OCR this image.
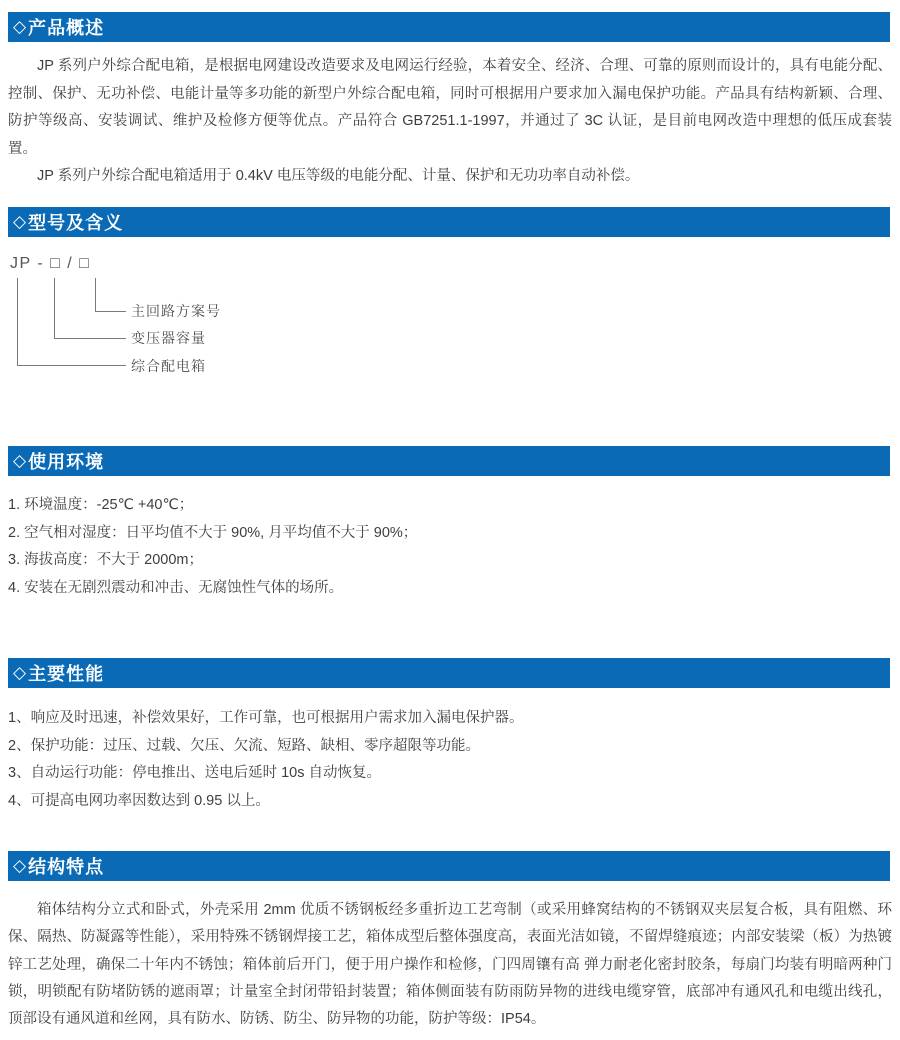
◇ 产品概述

JP 系列户外综合配电箱，是根据电网建设改造要求及电网运行经验，本着安全、经济、合理、可靠的原则而设计的，具有电能分配、控制、保护、无功补偿、电能计量等多功能的新型户外综合配电箱，同时可根据用户要求加入漏电保护功能。产品具有结构新颖、合理、防护等级高、安装调试、维护及检修方便等优点。产品符合 GB7251.1-1997，并通过了 3C 认证，是目前电网改造中理想的低压成套装置。

JP 系列户外综合配电箱适用于 0.4kV 电压等级的电能分配、计量、保护和无功功率自动补偿。

◇ 型号及含义
JP - □ / □
主回路方案号
变压器容量
综合配电箱
◇ 使用环境
1. 环境温度：-25℃ +40℃；
2. 空气相对湿度：日平均值不大于 90%, 月平均值不大于 90%；
3. 海拔高度：不大于 2000m；
4. 安装在无剧烈震动和冲击、无腐蚀性气体的场所。
◇ 主要性能
1、响应及时迅速，补偿效果好，工作可靠，也可根据用户需求加入漏电保护器。
2、保护功能：过压、过载、欠压、欠流、短路、缺相、零序超限等功能。
3、自动运行功能：停电推出、送电后延时 10s 自动恢复。
4、可提高电网功率因数达到 0.95 以上。
◇ 结构特点

箱体结构分立式和卧式，外壳采用 2mm 优质不锈钢板经多重折边工艺弯制（或采用蜂窝结构的不锈钢双夹层复合板，具有阻燃、环保、隔热、防凝露等性能），采用特殊不锈钢焊接工艺，箱体成型后整体强度高，表面光洁如镜，不留焊缝痕迹；内部安装梁（板）为热镀锌工艺处理，确保二十年内不锈蚀；箱体前后开门，便于用户操作和检修，门四周镶有高 弹力耐老化密封胶条，每扇门均装有明暗两种门锁，明锁配有防堵防锈的遮雨罩；计量室全封闭带铅封装置；箱体侧面装有防雨防异物的进线电缆穿管，底部冲有通风孔和电缆出线孔，顶部设有通风道和丝网，具有防水、防锈、防尘、防异物的功能，防护等级：IP54。
